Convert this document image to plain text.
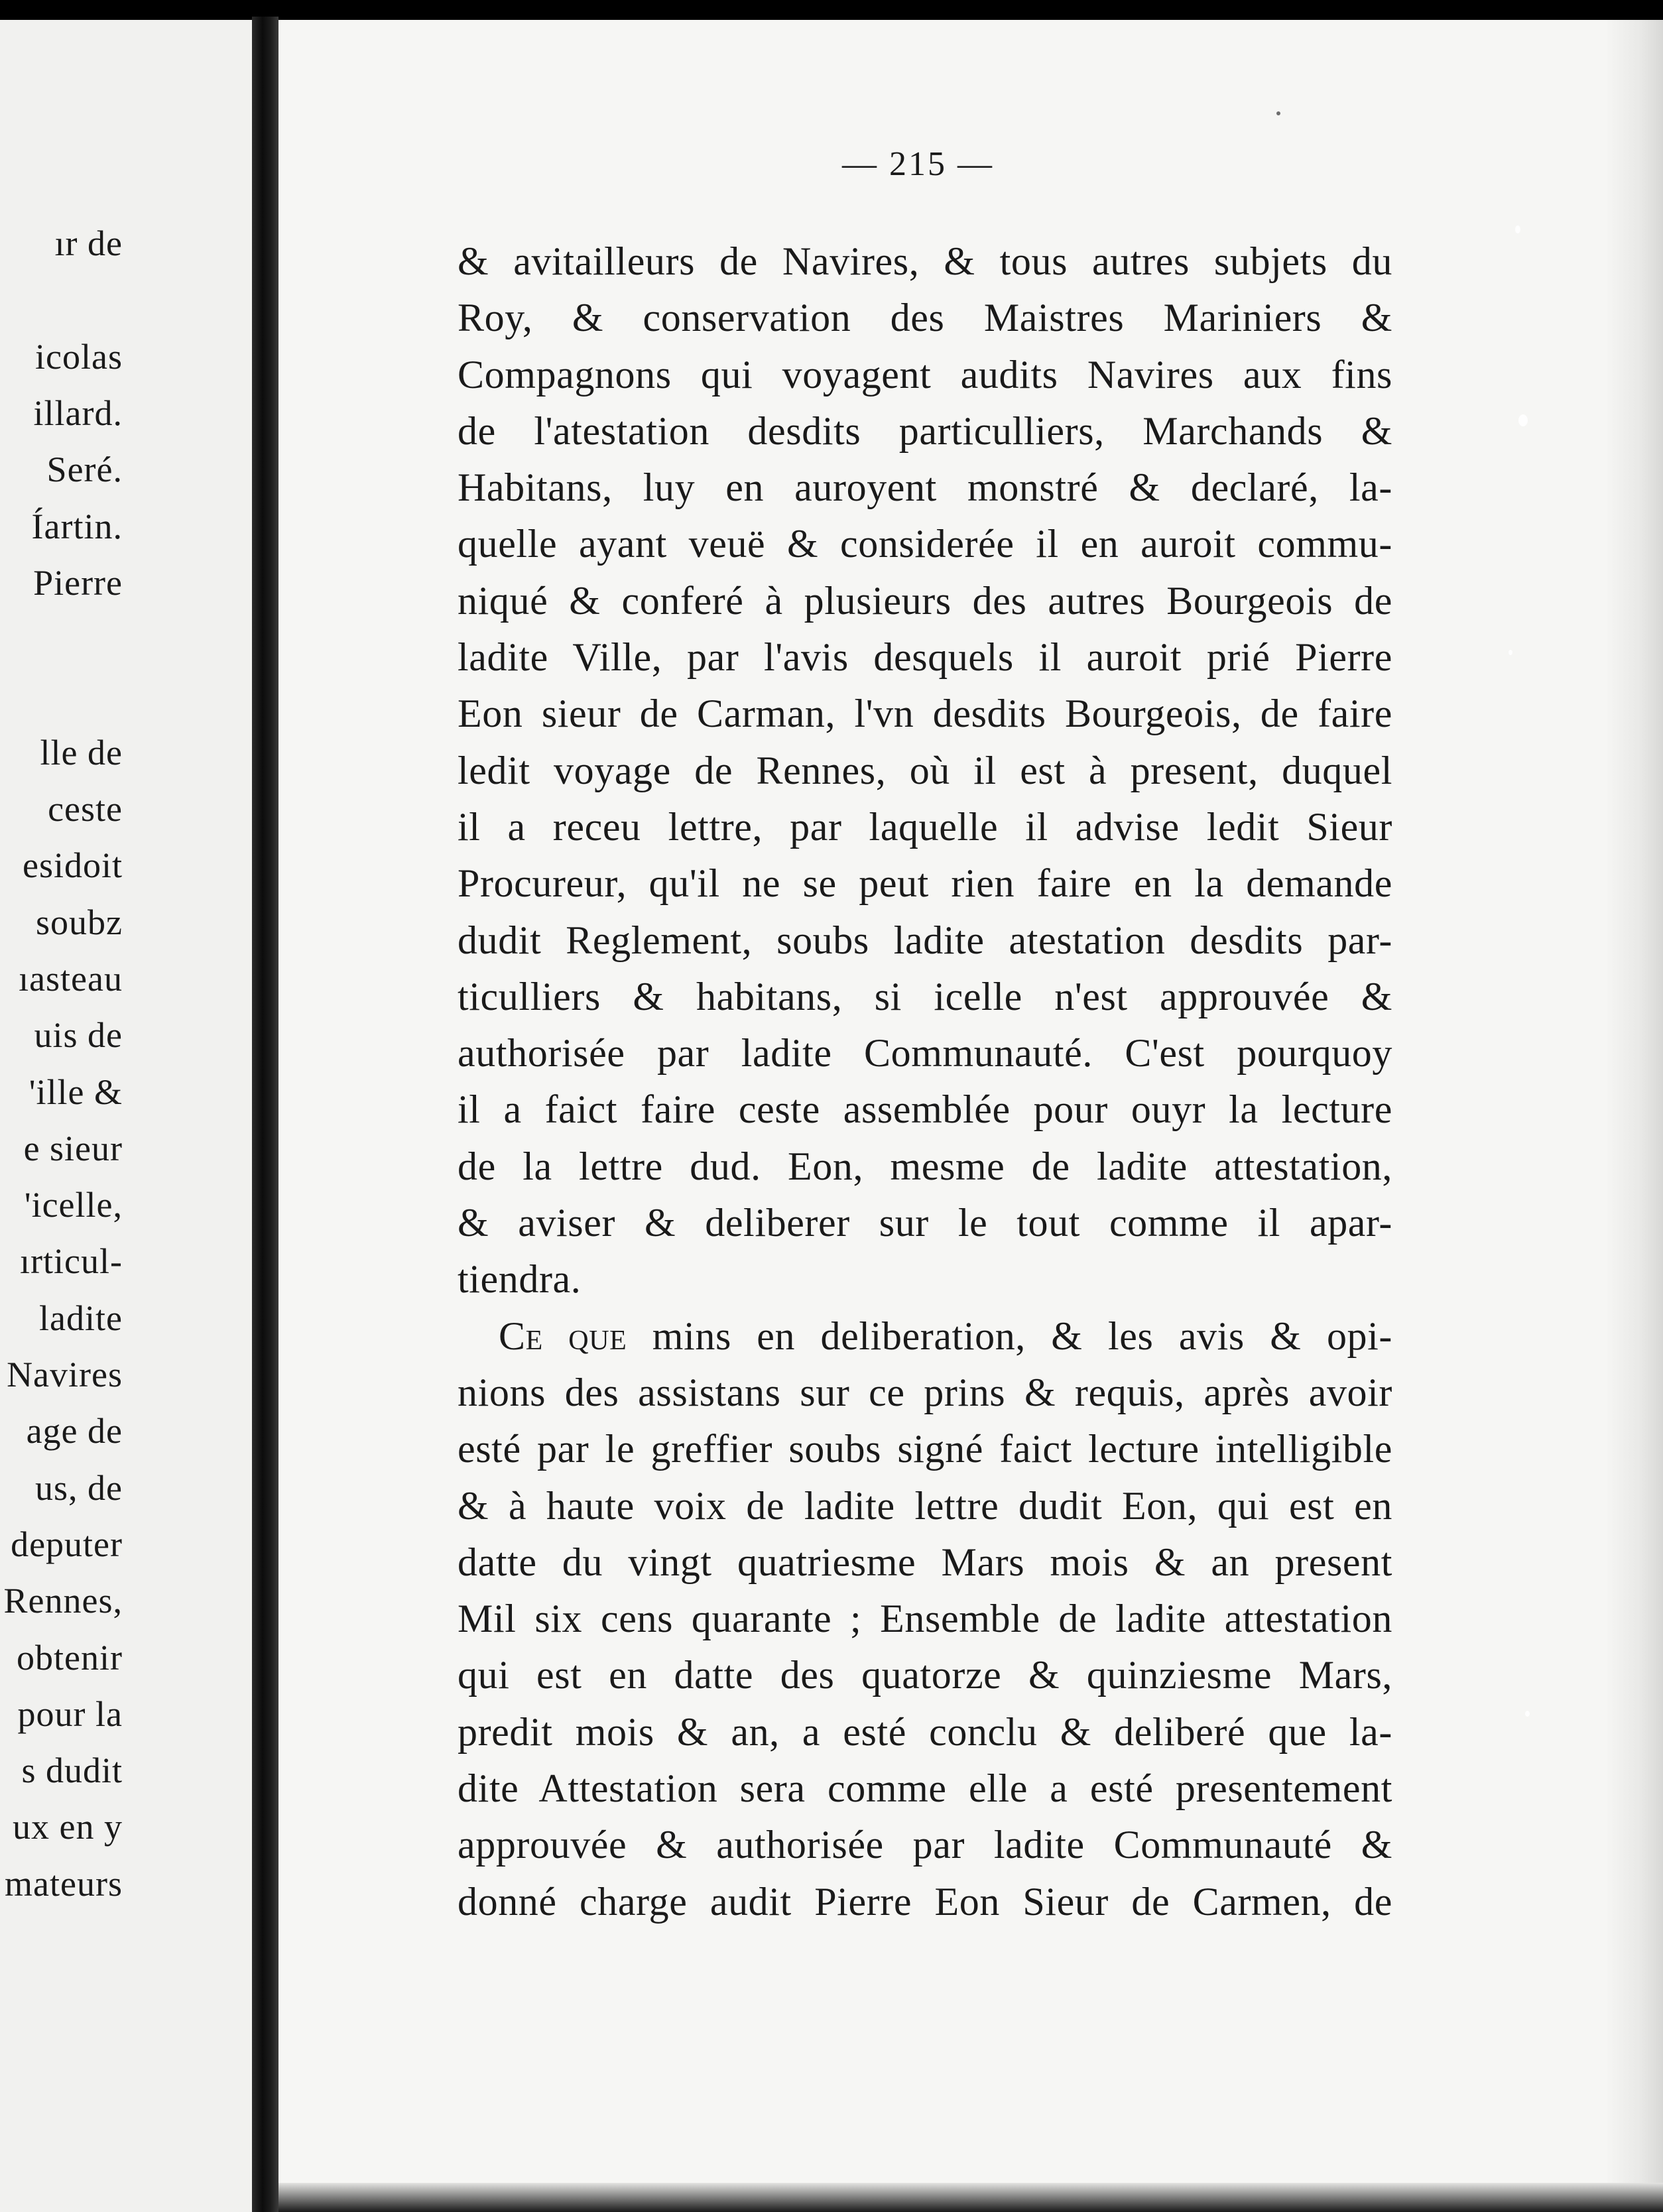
ır de
icolas
illard.
Seré.
Íartin.
Pierre
lle de
ceste
esidoit
soubz
ıasteau
uis de
'ille &
e sieur
'icelle,
ırticul-
ladite
Navires
age de
us, de
deputer
Rennes,
obtenir
pour la
s dudit
ux en y
mateurs
— 215 —
& avitailleurs de Navires, & tous autres subjets du
Roy, & conservation des Maistres Mariniers &
Compagnons qui voyagent audits Navires aux fins
de l'atestation desdits particulliers, Marchands &
Habitans, luy en auroyent monstré & declaré, la-
quelle ayant veuë & considerée il en auroit commu-
niqué & conferé à plusieurs des autres Bourgeois de
ladite Ville, par l'avis desquels il auroit prié Pierre
Eon sieur de Carman, l'vn desdits Bourgeois, de faire
ledit voyage de Rennes, où il est à present, duquel
il a receu lettre, par laquelle il advise ledit Sieur
Procureur, qu'il ne se peut rien faire en la demande
dudit Reglement, soubs ladite atestation desdits par-
ticulliers & habitans, si icelle n'est approuvée &
authorisée par ladite Communauté. C'est pourquoy
il a faict faire ceste assemblée pour ouyr la lecture
de la lettre dud. Eon, mesme de ladite attestation,
& aviser & deliberer sur le tout comme il apar-
tiendra.
Ce que mins en deliberation, & les avis & opi-
nions des assistans sur ce prins & requis, après avoir
esté par le greffier soubs signé faict lecture intelligible
& à haute voix de ladite lettre dudit Eon, qui est en
datte du vingt quatriesme Mars mois & an present
Mil six cens quarante ; Ensemble de ladite attestation
qui est en datte des quatorze & quinziesme Mars,
predit mois & an, a esté conclu & deliberé que la-
dite Attestation sera comme elle a esté presentement
approuvée & authorisée par ladite Communauté &
donné charge audit Pierre Eon Sieur de Carmen, de
